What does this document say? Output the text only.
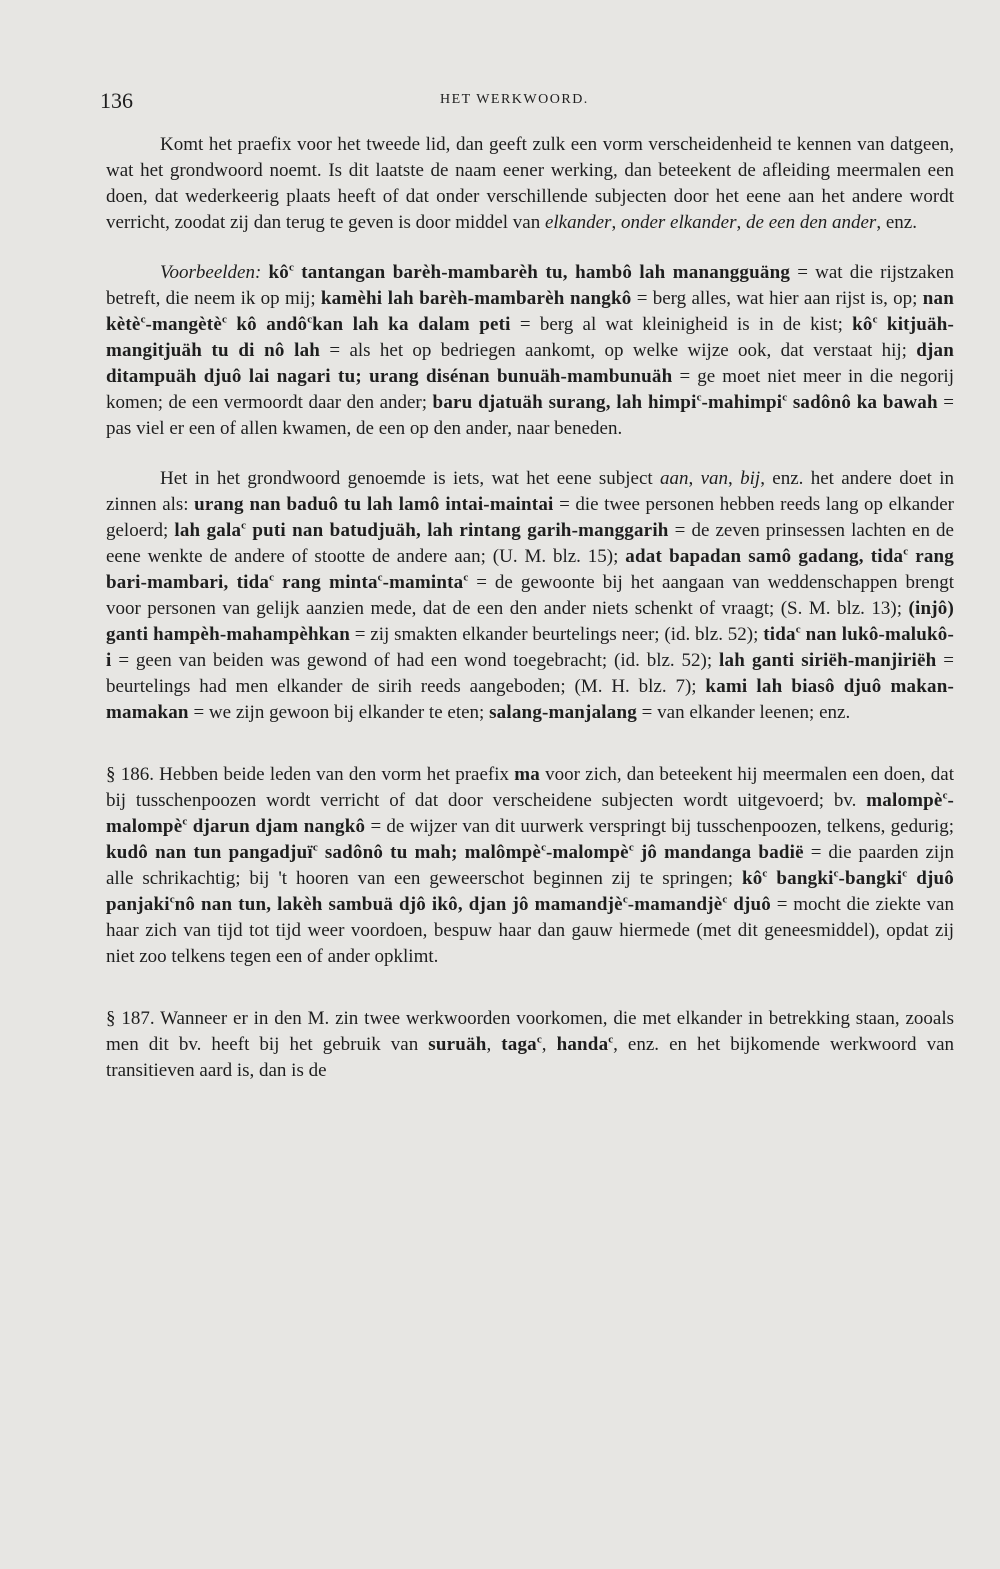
136	HET WERKWOORD.

Komt het praefix voor het tweede lid, dan geeft zulk een vorm verscheidenheid te kennen van datgeen, wat het grondwoord noemt. Is dit laatste de naam eener werking, dan beteekent de afleiding meermalen een doen, dat wederkeerig plaats heeft of dat onder verschillende subjecten door het eene aan het andere wordt verricht, zoodat zij dan terug te geven is door middel van elkander, onder elkander, de een den ander, enz.

Voorbeelden: $kô^c$ tantangan barèh-mambarèh tu, hambô lah manangguäng = wat die rijstzaken betreft, die neem ik op mij; kamèhi lah barèh-mambarèh nangkô = berg alles, wat hier aan rijst is, op; nan kètè$^c$-mangètè$^c$ kô andô$^c$kan lah ka dalam peti = berg al wat kleinigheid is in de kist; $kô^c$ kitjuäh-mangitjuäh tu di nô lah = als het op bedriegen aankomt, op welke wijze ook, dat verstaat hij; djan ditampuäh djuô lai nagari tu; urang disénan bunuäh-mambunuäh = ge moet niet meer in die negorij komen; de een vermoordt daar den ander; baru djatuäh surang, lah himpi$^c$-mahimpi$^c$ sadônô ka bawah = pas viel er een of allen kwamen, de een op den ander, naar beneden.

Het in het grondwoord genoemde is iets, wat het eene subject aan, van, bij, enz. het andere doet in zinnen als: urang nan baduô tu lah lamô intai-maintai = die twee personen hebben reeds lang op elkander geloerd; lah gala$^c$ puti nan batudjuäh, lah rintang garih-manggarih = de zeven prinsessen lachten en de eene wenkte de andere of stootte de andere aan; (U. M. blz. 15); adat bapadan samô gadang, tida$^c$ rang bari-mambari, tida$^c$ rang minta$^c$-maminta$^c$ = de gewoonte bij het aangaan van weddenschappen brengt voor personen van gelijk aanzien mede, dat de een den ander niets schenkt of vraagt; (S. M. blz. 13); (injô) ganti hampèh-mahampèhkan = zij smakten elkander beurtelings neer; (id. blz. 52); tida$^c$ nan lukô-malukô-i = geen van beiden was gewond of had een wond toegebracht; (id. blz. 52); lah ganti siriëh-manjiriëh = beurtelings had men elkander de sirih reeds aangeboden; (M. H. blz. 7); kami lah biasô djuô makan-mamakan = we zijn gewoon bij elkander te eten; salang-manjalang = van elkander leenen; enz.

§ 186. Hebben beide leden van den vorm het praefix ma voor zich, dan beteekent hij meermalen een doen, dat bij tusschenpoozen wordt verricht of dat door verscheidene subjecten wordt uitgevoerd; bv. malompè$^c$-malompè$^c$ djarun djam nangkô = de wijzer van dit uurwerk verspringt bij tusschenpoozen, telkens, gedurig; kudô nan tun pangadjuï$^c$ sadônô tu mah; malômpè$^c$-malompè$^c$ jô mandanga badië = die paarden zijn alle schrikachtig; bij 't hooren van een geweerschot beginnen zij te springen; $kô^c$ bangki$^c$-bangki$^c$ djuô panjaki$^c$nô nan tun, lakèh sambuä djô ikô, djan jô mamandjè$^c$-mamandjè$^c$ djuô = mocht die ziekte van haar zich van tijd tot tijd weer voordoen, bespuw haar dan gauw hiermede (met dit geneesmiddel), opdat zij niet zoo telkens tegen een of ander opklimt.

§ 187. Wanneer er in den M. zin twee werkwoorden voorkomen, die met elkander in betrekking staan, zooals men dit bv. heeft bij het gebruik van suruäh, taga$^c$, handa$^c$, enz. en het bijkomende werkwoord van transitieven aard is, dan is de
